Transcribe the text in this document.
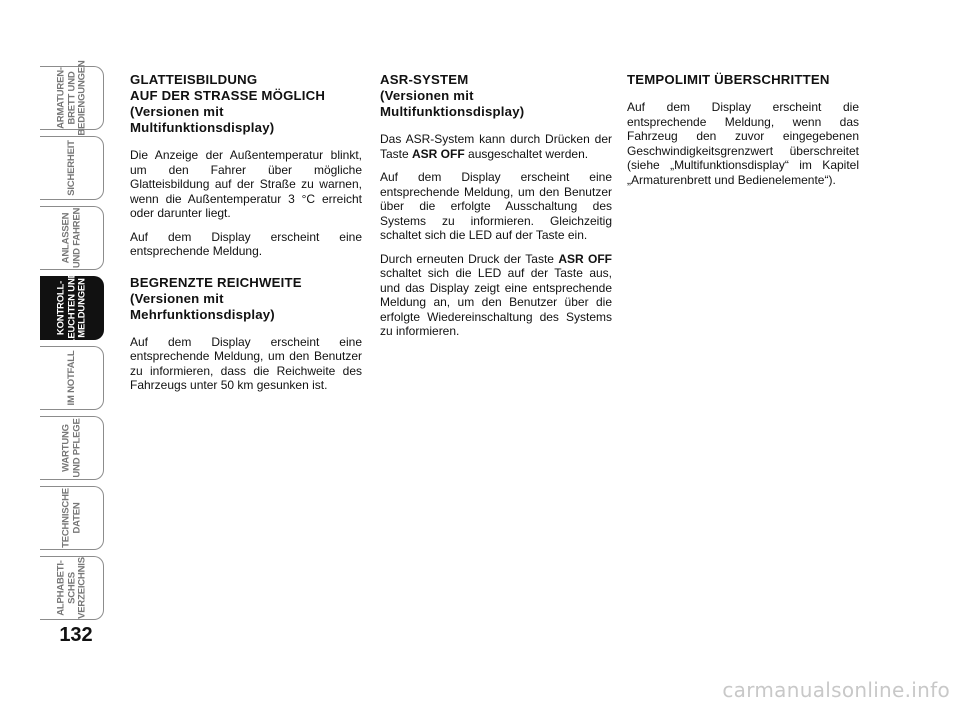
ARMATUREN-
BRETT UND
BEDIENGUNGEN
SICHERHEIT
ANLASSEN
UND FAHREN
KONTROLL-
LEUCHTEN UND
MELDUNGEN
IM NOTFALL
WARTUNG
UND PFLEGE
TECHNISCHE
DATEN
ALPHABETI-
SCHES
VERZEICHNIS
132
GLATTEISBILDUNG
AUF DER STRASSE MÖGLICH
(Versionen mit
Multifunktionsdisplay)

Die Anzeige der Außentemperatur blinkt, um den Fahrer über mögliche Glatteisbildung auf der Straße zu warnen, wenn die Außentemperatur 3 °C erreicht oder darunter liegt.

Auf dem Display erscheint eine entsprechende Meldung.

BEGRENZTE REICHWEITE
(Versionen mit
Mehrfunktionsdisplay)

Auf dem Display erscheint eine entsprechende Meldung, um den Benutzer zu informieren, dass die Reichweite des Fahrzeugs unter 50 km gesunken ist.

ASR-SYSTEM
(Versionen mit
Multifunktionsdisplay)

Das ASR-System kann durch Drücken der Taste ASR OFF ausgeschaltet werden.

Auf dem Display erscheint eine entsprechende Meldung, um den Benutzer über die erfolgte Ausschaltung des Systems zu informieren. Gleichzeitig schaltet sich die LED auf der Taste ein.

Durch erneuten Druck der Taste ASR OFF schaltet sich die LED auf der Taste aus, und das Display zeigt eine entsprechende Meldung an, um den Benutzer über die erfolgte Wiedereinschaltung des Systems zu informieren.

TEMPOLIMIT ÜBERSCHRITTEN

Auf dem Display erscheint die entsprechende Meldung, wenn das Fahrzeug den zuvor eingegebenen Geschwindigkeitsgrenzwert überschreitet (siehe „Multifunktionsdisplay“ im Kapitel „Armaturenbrett und Bedienelemente“).

carmanualsonline.info
